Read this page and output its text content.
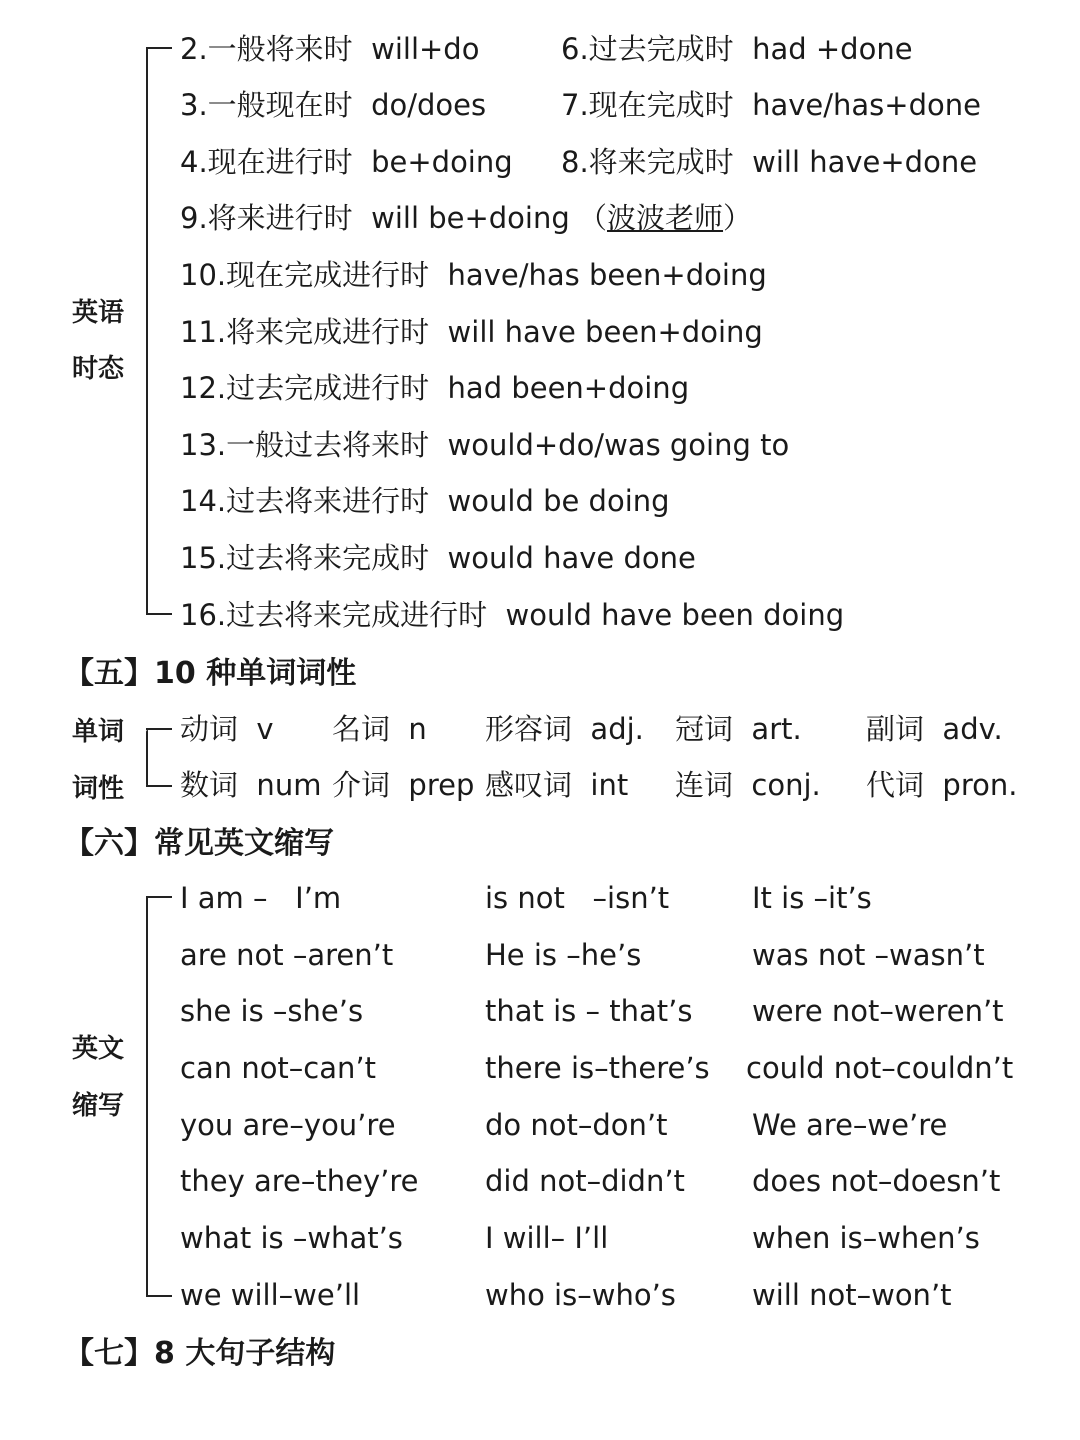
英语
时态
2.一般将来时  will+do	6.过去完成时  had +done
3.一般现在时  do/does	7.现在完成时  have/has+done
4.现在进行时  be+doing 8.将来完成时  will have+done
9.将来进行时  will be+doing （波波老师）
10.现在完成进行时  have/has been+doing
11.将来完成进行时  will have been+doing
12.过去完成进行时  had been+doing
13.一般过去将来时  would+do/was going to
14.过去将来进行时  would be doing
15.过去将来完成时  would have done
16.过去将来完成进行时  would have been doing
【五】10 种单词词性
单词
词性
动词  v 名词  n 形容词  adj. 冠词  art. 副词  adv.
数词  num 介词  prep 感叹词  int 连词  conj. 代词  pron.
【六】常见英文缩写
英文
缩写
I am –   I’m	is not   –isn’t	It is –it’s
are not –aren’t	He is –he’s	was not –wasn’t
she is –she’s	that is – that’s were not–weren’t
can not–can’t	there is–there’s could not–couldn’t
you are–you’re	do not–don’t	We are–we’re
they are–they’re did not–didn’t does not–doesn’t
what is –what’s	I will– I’ll	when is–when’s
we will–we’ll	who is–who’s	will not–won’t
【七】8 大句子结构
